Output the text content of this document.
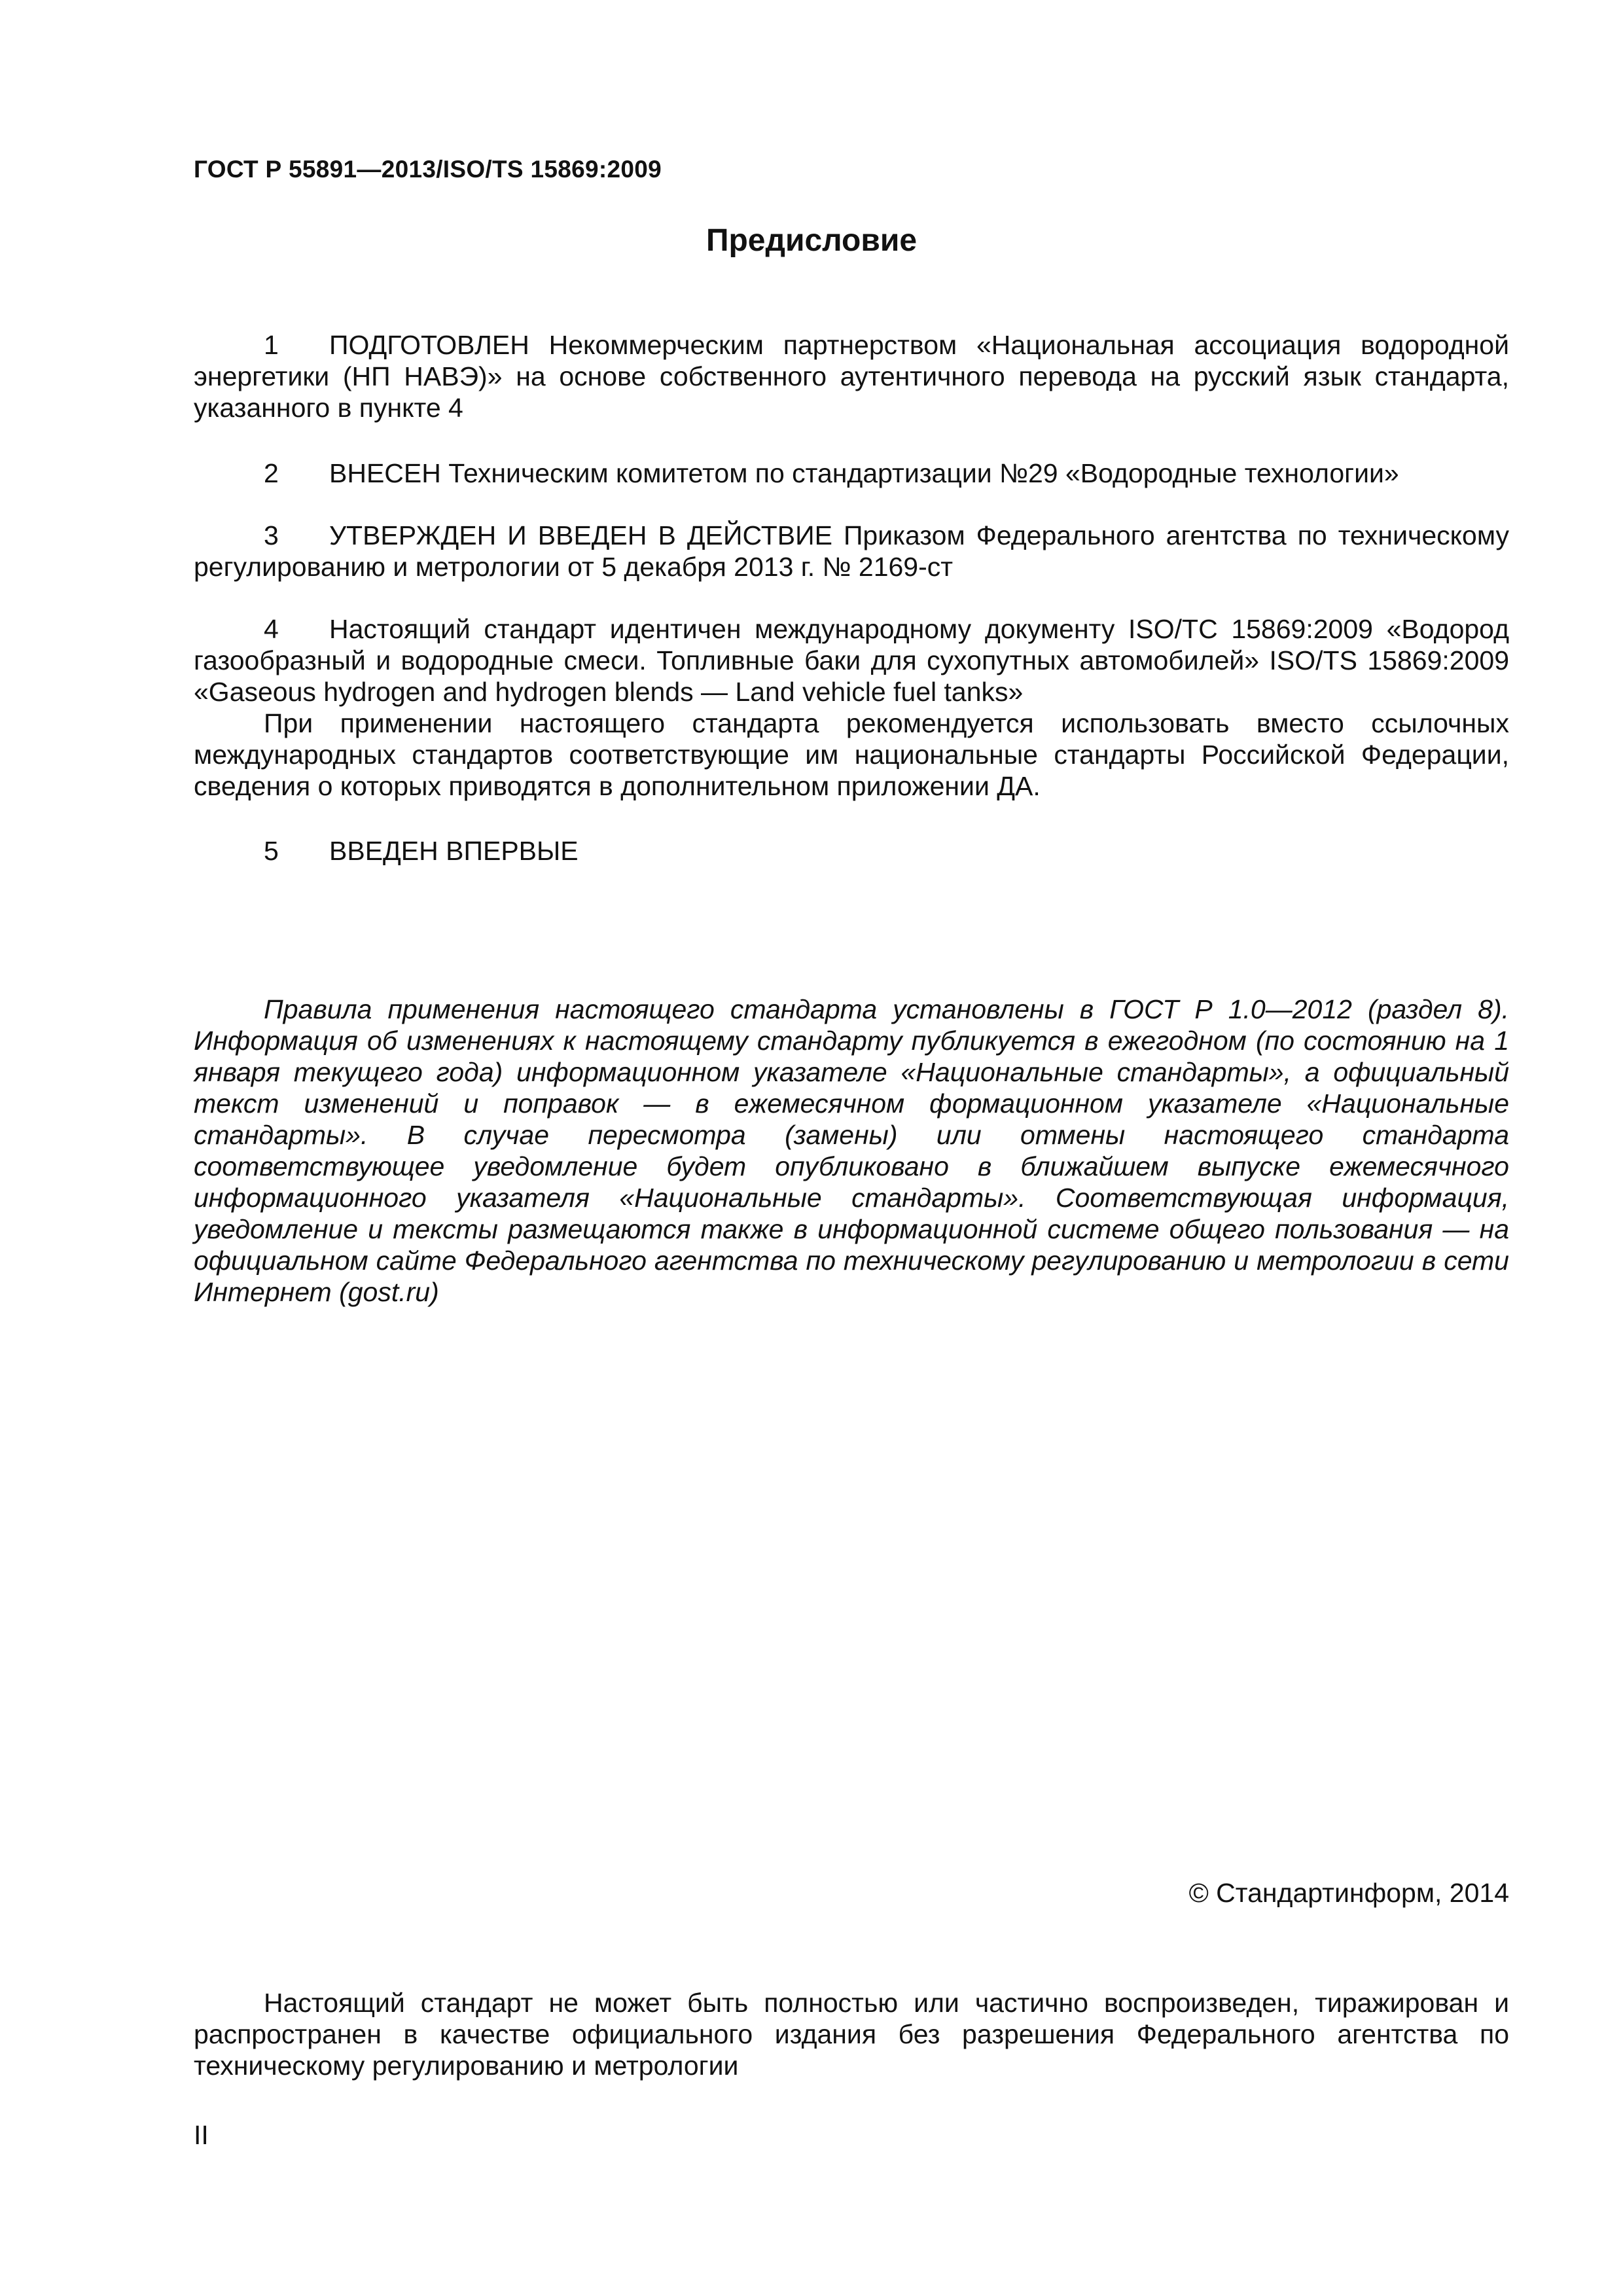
ГОСТ Р 55891—2013/ISO/TS 15869:2009
Предисловие
1 ПОДГОТОВЛЕН Некоммерческим партнерством «Национальная ассоциация водородной энергетики (НП НАВЭ)» на основе собственного аутентичного перевода на русский язык стандарта, указанного в пункте 4
2 ВНЕСЕН Техническим комитетом по стандартизации №29 «Водородные технологии»
3 УТВЕРЖДЕН И ВВЕДЕН В ДЕЙСТВИЕ Приказом Федерального агентства по техническому регулированию и метрологии от 5 декабря 2013 г. № 2169-ст
4 Настоящий стандарт идентичен международному документу ISO/TC 15869:2009 «Водород газообразный и водородные смеси. Топливные баки для сухопутных автомобилей» ISO/TS 15869:2009 «Gaseous hydrogen and hydrogen blends — Land vehicle fuel tanks»
При применении настоящего стандарта рекомендуется использовать вместо ссылочных международных стандартов соответствующие им национальные стандарты Российской Федерации, сведения о которых приводятся в дополнительном приложении ДА.
5 ВВЕДЕН ВПЕРВЫЕ
Правила применения настоящего стандарта установлены в ГОСТ Р 1.0—2012 (раздел 8). Информация об изменениях к настоящему стандарту публикуется в ежегодном (по состоянию на 1 января текущего года) информационном указателе «Национальные стандарты», а официальный текст изменений и поправок — в ежемесячном формационном указателе «Национальные стандарты». В случае пересмотра (замены) или отмены настоящего стандарта соответствующее уведомление будет опубликовано в ближайшем выпуске ежемесячного информационного указателя «Национальные стандарты». Соответствующая информация, уведомление и тексты размещаются также в информационной системе общего пользования — на официальном сайте Федерального агентства по техническому регулированию и метрологии в сети Интернет (gost.ru)
© Стандартинформ, 2014
Настоящий стандарт не может быть полностью или частично воспроизведен, тиражирован и распространен в качестве официального издания без разрешения Федерального агентства по техническому регулированию и метрологии
II
